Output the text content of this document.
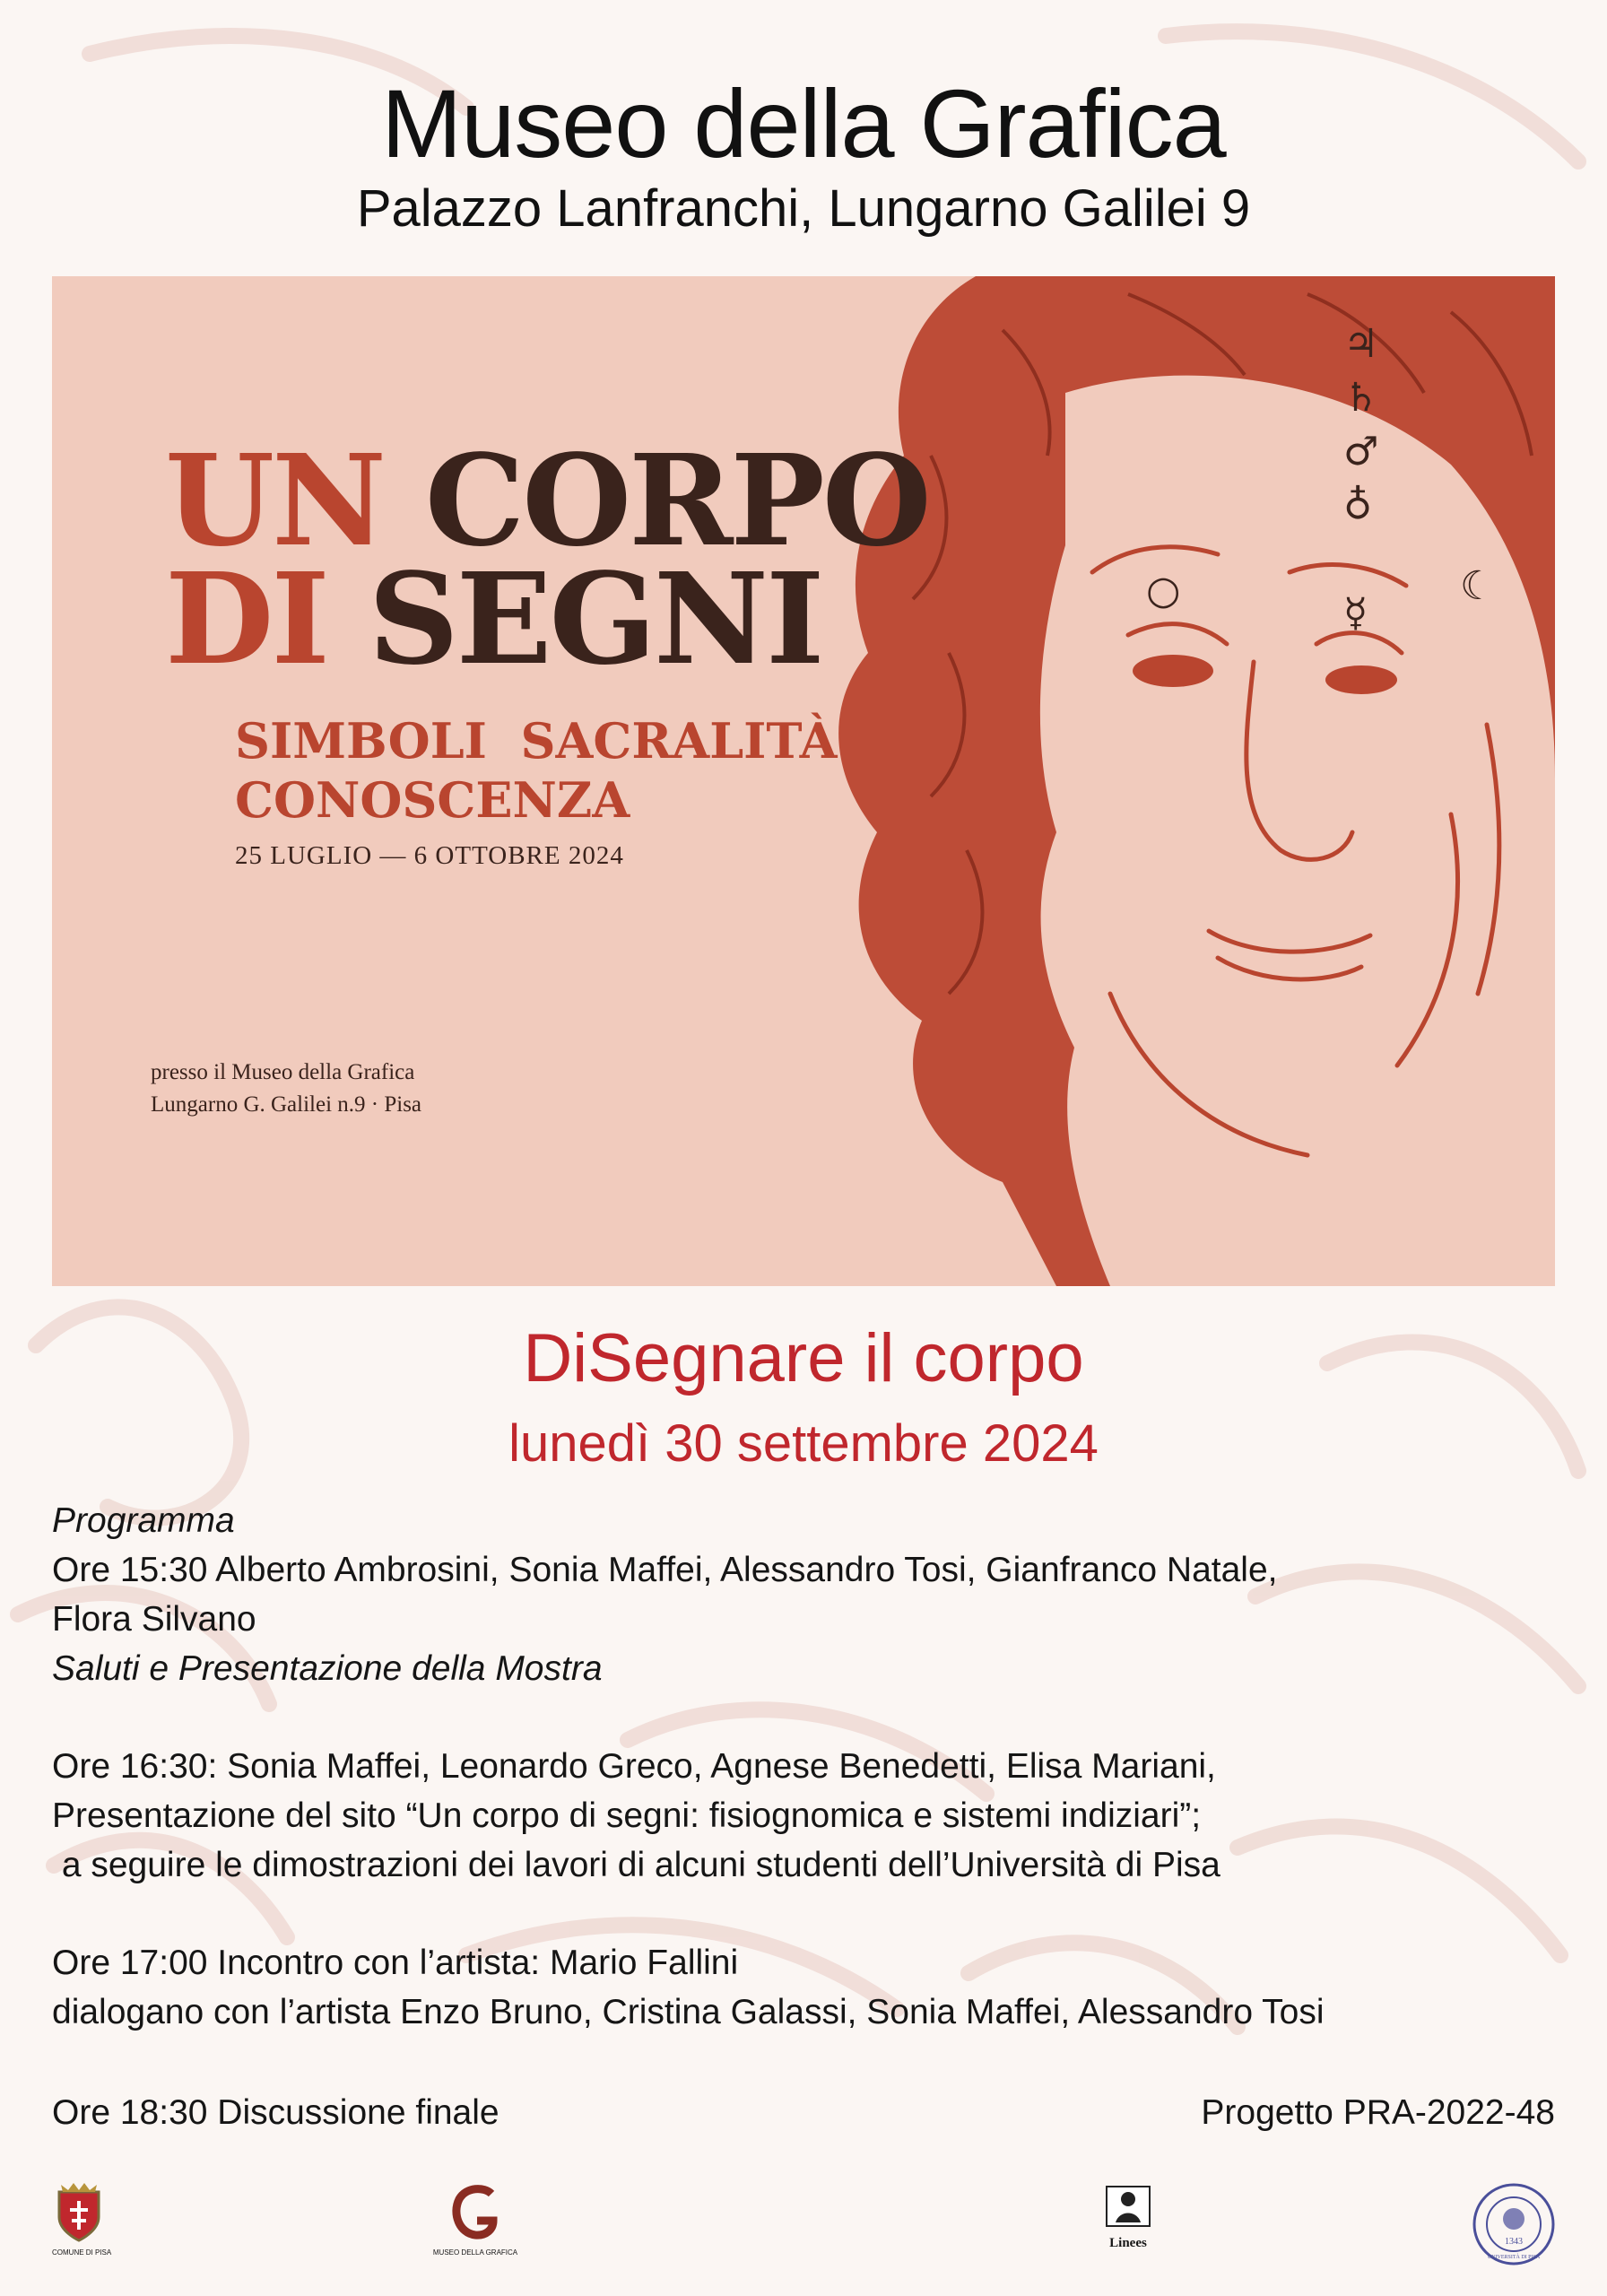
Museo della Grafica
Palazzo Lanfranchi, Lungarno Galilei 9
♃
♄
♂
♁
○	☾
☿
UN CORPO
DI SEGNI
SIMBOLI  SACRALITÀ
CONOSCENZA
25 LUGLIO — 6 OTTOBRE 2024
presso il Museo della Grafica
Lungarno G. Galilei n.9 · Pisa
DiSegnare il corpo
lunedì 30 settembre 2024
Programma
Ore 15:30 Alberto Ambrosini, Sonia Maffei, Alessandro Tosi, Gianfranco Natale,
Flora Silvano
Saluti e Presentazione della Mostra
Ore 16:30: Sonia Maffei, Leonardo Greco, Agnese Benedetti, Elisa Mariani,
Presentazione del sito “Un corpo di segni: fisiognomica e sistemi indiziari”;
a seguire le dimostrazioni dei lavori di alcuni studenti dell’Università di Pisa
Ore 17:00 Incontro con l’artista: Mario Fallini
dialogano con l’artista Enzo Bruno, Cristina Galassi, Sonia Maffei, Alessandro Tosi
Ore 18:30 Discussione finale	Progetto PRA-2022-48
COMUNE DI PISA	MUSEO DELLA GRAFICA
Linees	1343
UNIVERSITÀ DI PISA
